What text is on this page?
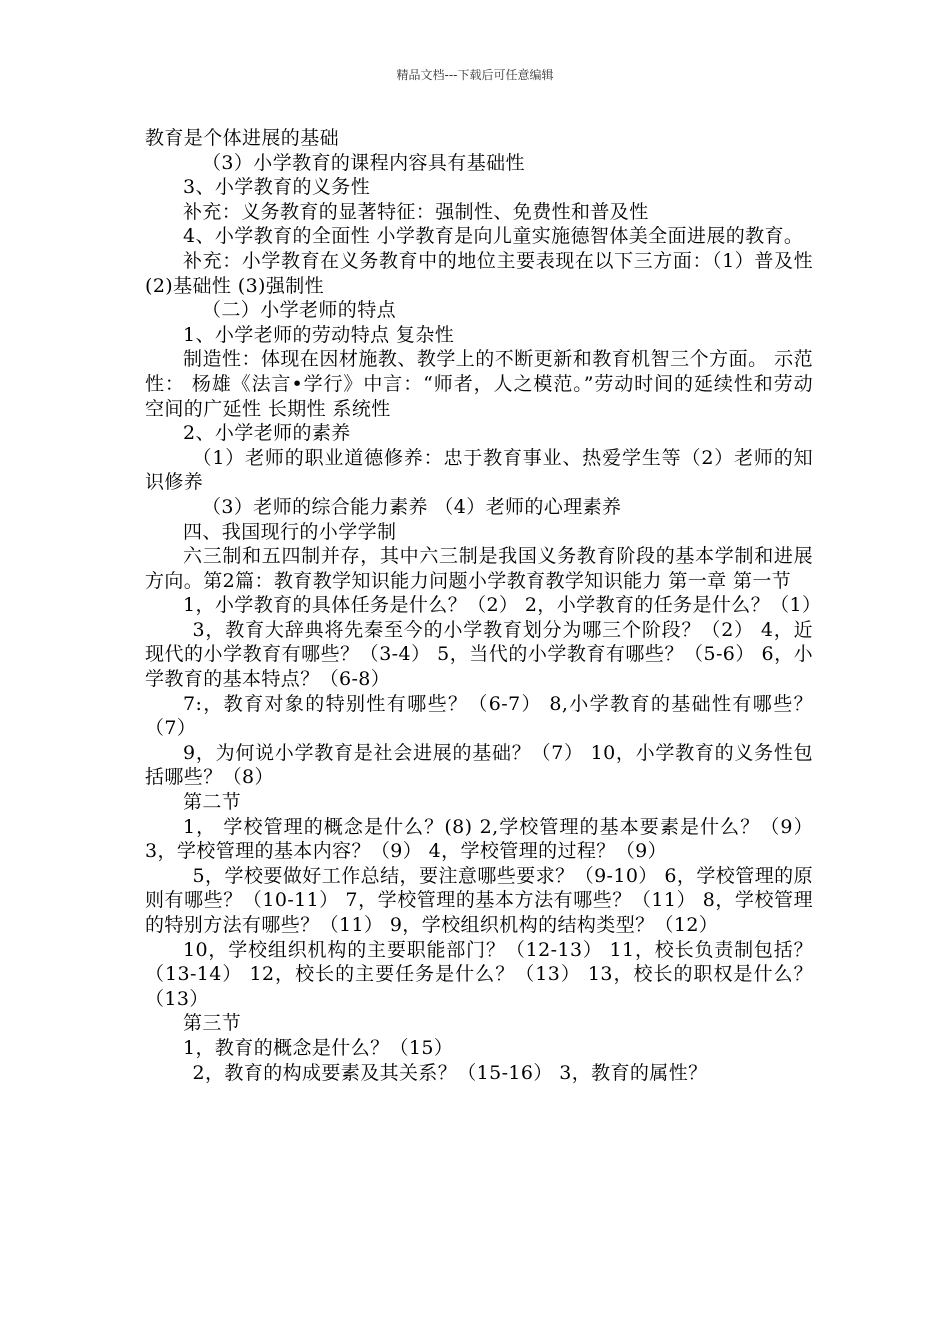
精品文档---下载后可任意编辑

教育是个体进展的基础

（3）小学教育的课程内容具有基础性

3、小学教育的义务性

补充：义务教育的显著特征：强制性、免费性和普及性

4、小学教育的全面性 小学教育是向儿童实施德智体美全面进展的教育。

补充：小学教育在义务教育中的地位主要表现在以下三方面：（1）普及性 (2)基础性 (3)强制性

（二）小学老师的特点

1、小学老师的劳动特点 复杂性

制造性：体现在因材施教、教学上的不断更新和教育机智三个方面。 示范性： 杨雄《法言•学行》中言：“师者，人之模范。”劳动时间的延续性和劳动空间的广延性 长期性 系统性

2、小学老师的素养

（1）老师的职业道德修养：忠于教育事业、热爱学生等（2）老师的知识修养

（3）老师的综合能力素养 （4）老师的心理素养

四、我国现行的小学学制

六三制和五四制并存，其中六三制是我国义务教育阶段的基本学制和进展方向。第2篇：教育教学知识能力问题小学教育教学知识能力 第一章 第一节

1，小学教育的具体任务是什么？（2） 2，小学教育的任务是什么？（1）

3，教育大辞典将先秦至今的小学教育划分为哪三个阶段？（2） 4，近现代的小学教育有哪些？（3-4） 5，当代的小学教育有哪些？（5-6） 6，小学教育的基本特点？（6-8）

7:，教育对象的特别性有哪些？（6-7） 8,小学教育的基础性有哪些？（7）

9，为何说小学教育是社会进展的基础？（7） 10，小学教育的义务性包括哪些？（8）

第二节

1， 学校管理的概念是什么？(8) 2,学校管理的基本要素是什么？（9） 3，学校管理的基本内容？（9） 4，学校管理的过程？（9）

5，学校要做好工作总结，要注意哪些要求？（9-10） 6，学校管理的原则有哪些？（10-11） 7，学校管理的基本方法有哪些？（11） 8，学校管理的特别方法有哪些？（11） 9，学校组织机构的结构类型？（12）

10，学校组织机构的主要职能部门？（12-13） 11，校长负责制包括？（13-14） 12，校长的主要任务是什么？（13） 13，校长的职权是什么？（13）

第三节

1，教育的概念是什么？（15）

2，教育的构成要素及其关系？（15-16） 3，教育的属性？
